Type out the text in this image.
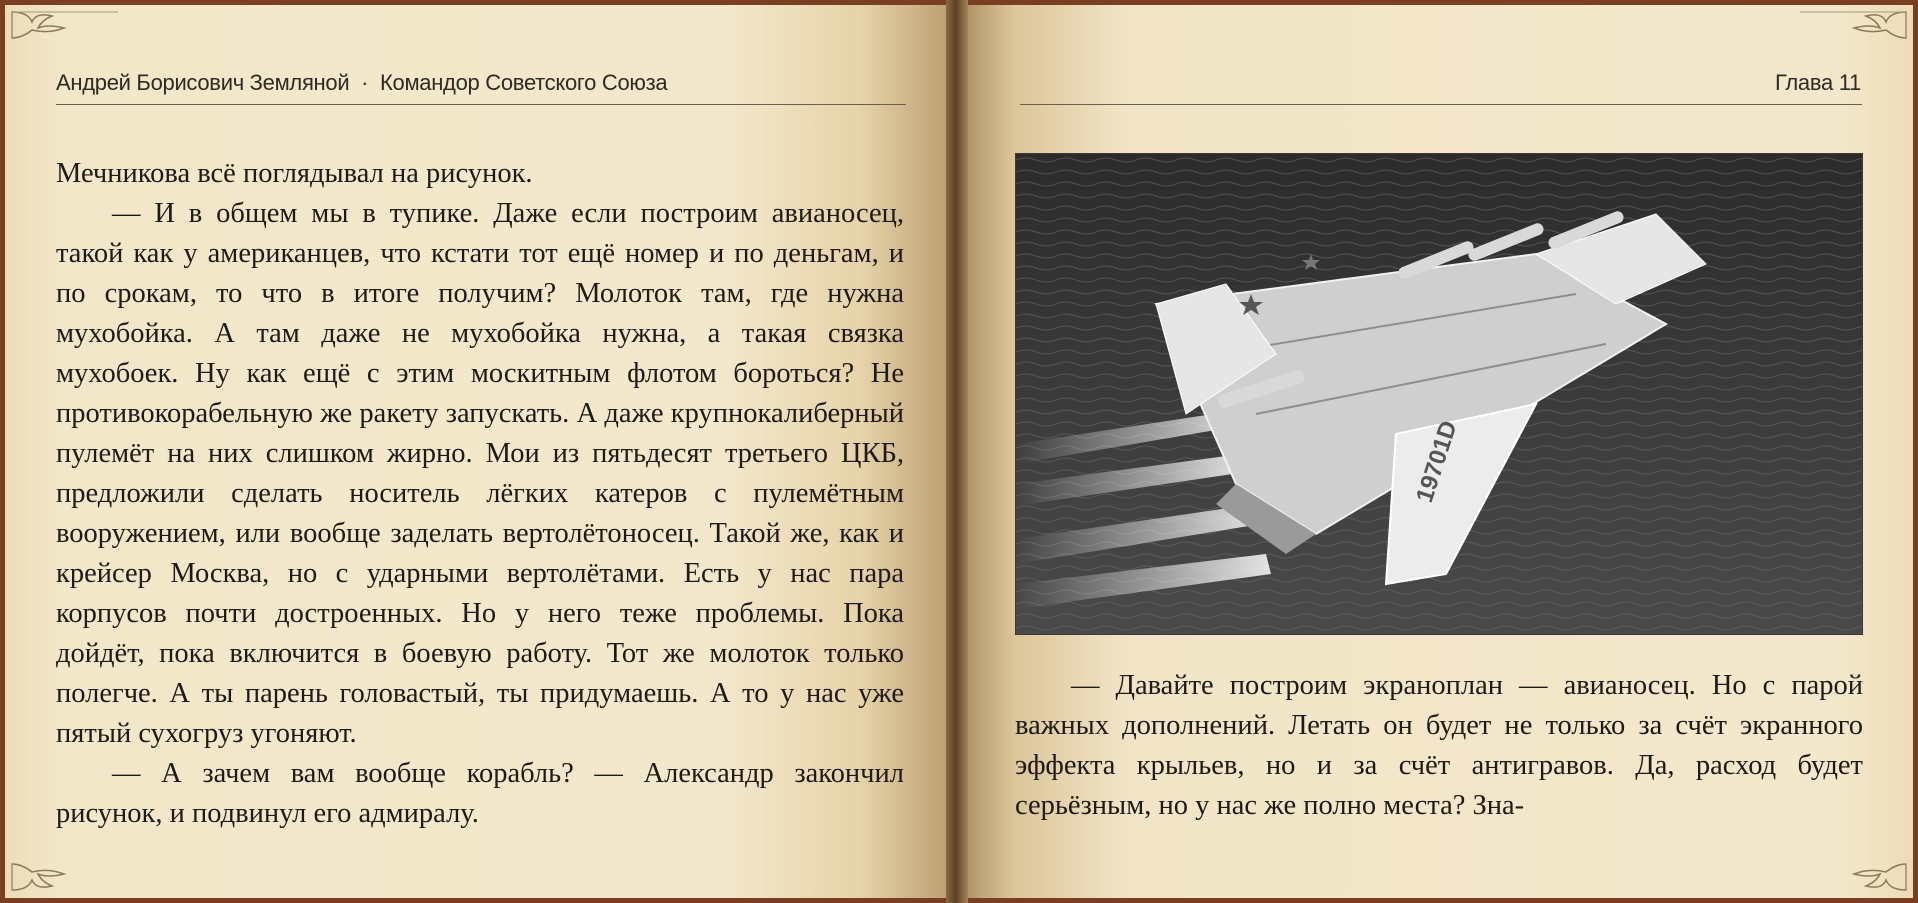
Андрей Борисович Земляной · Командор Советского Союза	Глава 11

Мечникова всё поглядывал на рисунок.

— И в общем мы в тупике. Даже если построим авианосец, такой как у американцев, что кстати тот ещё номер и по деньгам, и по срокам, то что в итоге получим? Молоток там, где нужна мухобойка. А там даже не мухобойка нужна, а такая связка мухобоек. Ну как ещё с этим москитным флотом бороться? Не противокорабельную же ракету запускать. А даже крупнокалиберный пулемёт на них слишком жирно. Мои из пятьдесят третьего ЦКБ, предложили сделать носитель лёгких катеров с пулемётным вооружением, или вообще заделать вертолётоносец. Такой же, как и крейсер Москва, но с ударными вертолётами. Есть у нас пара корпусов почти достроенных. Но у него теже проблемы. Пока дойдёт, пока включится в боевую работу. Тот же молоток только полегче. А ты парень головастый, ты придумаешь. А то у нас уже пятый сухогруз угоняют.

— А зачем вам вообще корабль? — Александр закончил рисунок, и подвинул его адмиралу.

19701D

— Давайте построим экраноплан — авианосец. Но с парой важных дополнений. Летать он будет не только за счёт экранного эффекта крыльев, но и за счёт антигравов. Да, расход будет серьёзным, но у нас же полно места? Зна-
